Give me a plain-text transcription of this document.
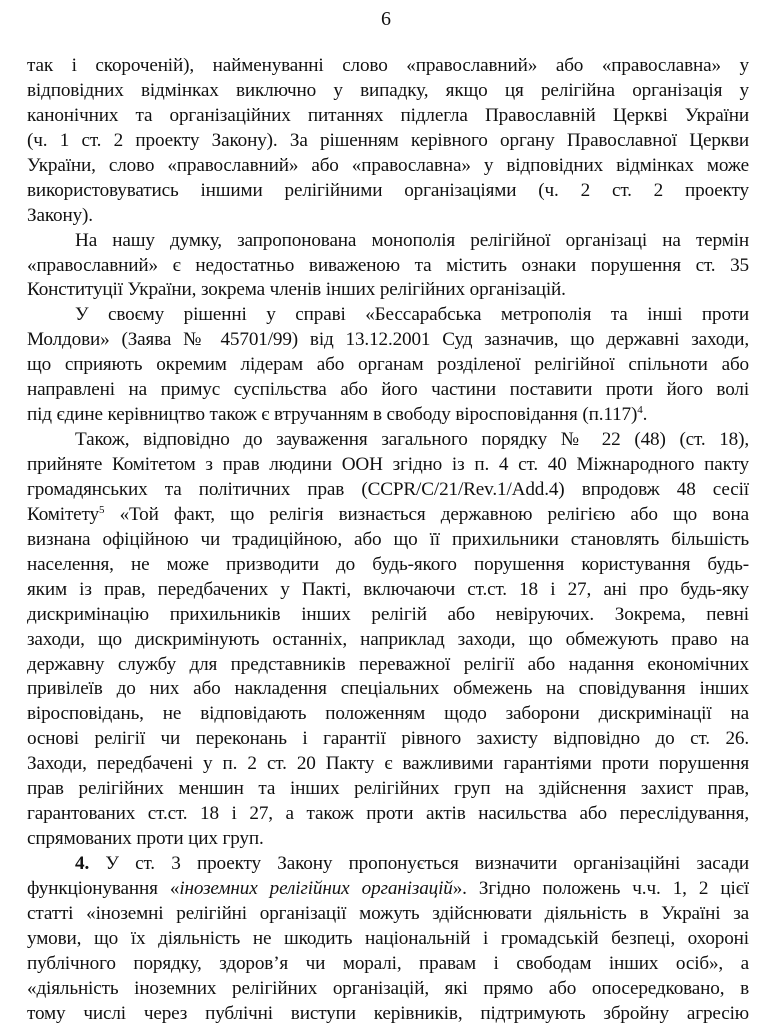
6
так і скороченій), найменуванні слово «православний» або «православна» у
відповідних відмінках виключно у випадку, якщо ця релігійна організація у
канонічних та організаційних питаннях підлегла Православній Церкві України
(ч. 1 ст. 2 проекту Закону). За рішенням керівного органу Православної Церкви
України, слово «православний» або «православна» у відповідних відмінках може
використовуватись іншими релігійними організаціями (ч. 2 ст. 2 проекту
Закону).
На нашу думку, запропонована монополія релігійної організаці на термін
«православний» є недостатньо виваженою та містить ознаки порушення ст. 35
Конституції України, зокрема членів інших релігійних організацій.
У своєму рішенні у справі «Бессарабська метрополія та інші проти
Молдови» (Заява № 45701/99) від 13.12.2001 Суд зазначив, що державні заходи,
що сприяють окремим лідерам або органам розділеної релігійної спільноти або
направлені на примус суспільства або його частини поставити проти його волі
під єдине керівництво також є втручанням в свободу віросповідання $(п.117)^4$.
Також, відповідно до зауваження загального порядку № 22 (48) (ст. 18),
прийняте Комітетом з прав людини ООН згідно із п. 4 ст. 40 Міжнародного пакту
громадянських та політичних прав (CCPR/C/21/Rev.1/Add.4) впродовж 48 сесії
Комітету$^5$ «Той факт, що релігія визнається державною релігією або що вона
визнана офіційною чи традиційною, або що її прихильники становлять більшість
населення, не може призводити до будь-якого порушення користування будь-
яким із прав, передбачених у Пакті, включаючи ст.ст. 18 і 27, ані про будь-яку
дискримінацію прихильників інших релігій або невіруючих. Зокрема, певні
заходи, що дискримінують останніх, наприклад заходи, що обмежують право на
державну службу для представників переважної релігії або надання економічних
привілеїв до них або накладення спеціальних обмежень на сповідування інших
віросповідань, не відповідають положенням щодо заборони дискримінації на
основі релігії чи переконань і гарантії рівного захисту відповідно до ст. 26.
Заходи, передбачені у п. 2 ст. 20 Пакту є важливими гарантіями проти порушення
прав релігійних меншин та інших релігійних груп на здійснення захист прав,
гарантованих ст.ст. 18 і 27, а також проти актів насильства або переслідування,
спрямованих проти цих груп.
4. У ст. 3 проекту Закону пропонується визначити організаційні засади
функціонування «іноземних релігійних організацій». Згідно положень ч.ч. 1, 2 цієї
статті «іноземні релігійні організації можуть здійснювати діяльність в Україні за
умови, що їх діяльність не шкодить національній і громадській безпеці, охороні
публічного порядку, здоров’я чи моралі, правам і свободам інших осіб», а
«діяльність іноземних релігійних організацій, які прямо або опосередковано, в
тому числі через публічні виступи керівників, підтримують збройну агресію
